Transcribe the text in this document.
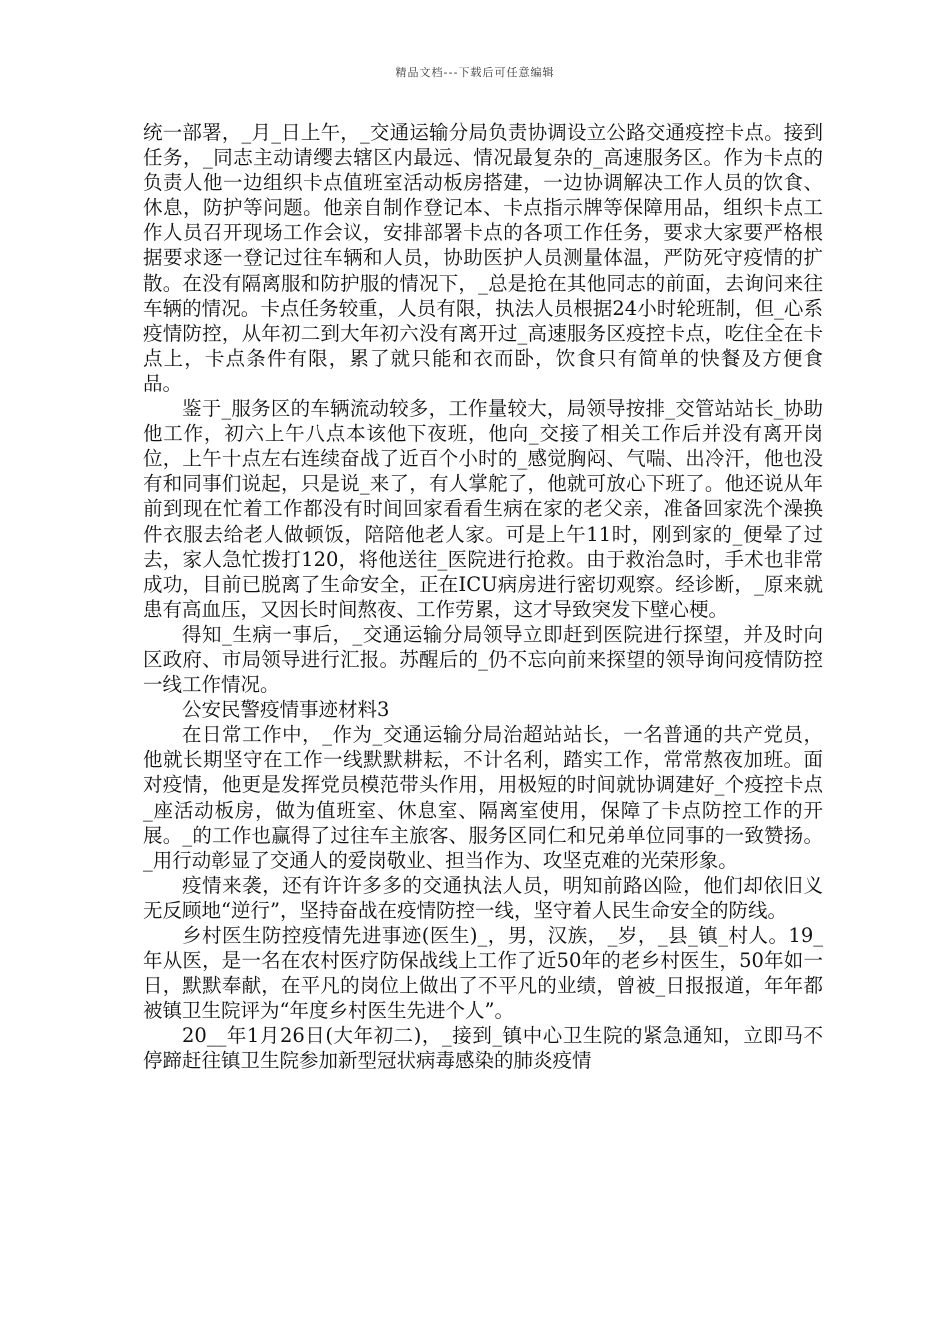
精品文档---下载后可任意编辑

统一部署，_月_日上午，_交通运输分局负责协调设立公路交通疫控卡点。接到任务，_同志主动请缨去辖区内最远、情况最复杂的_高速服务区。作为卡点的负责人他一边组织卡点值班室活动板房搭建，一边协调解决工作人员的饮食、休息，防护等问题。他亲自制作登记本、卡点指示牌等保障用品，组织卡点工作人员召开现场工作会议，安排部署卡点的各项工作任务，要求大家要严格根据要求逐一登记过往车辆和人员，协助医护人员测量体温，严防死守疫情的扩散。在没有隔离服和防护服的情况下，_总是抢在其他同志的前面，去询问来往车辆的情况。卡点任务较重，人员有限，执法人员根据24小时轮班制，但_心系疫情防控，从年初二到大年初六没有离开过_高速服务区疫控卡点，吃住全在卡点上，卡点条件有限，累了就只能和衣而卧，饮食只有简单的快餐及方便食品。

鉴于_服务区的车辆流动较多，工作量较大，局领导按排_交管站站长_协助他工作，初六上午八点本该他下夜班，他向_交接了相关工作后并没有离开岗位，上午十点左右连续奋战了近百个小时的_感觉胸闷、气喘、出冷汗，他也没有和同事们说起，只是说_来了，有人掌舵了，他就可放心下班了。他还说从年前到现在忙着工作都没有时间回家看看生病在家的老父亲，准备回家洗个澡换件衣服去给老人做顿饭，陪陪他老人家。可是上午11时，刚到家的_便晕了过去，家人急忙拨打120，将他送往_医院进行抢救。由于救治急时，手术也非常成功，目前已脱离了生命安全，正在ICU病房进行密切观察。经诊断，_原来就患有高血压，又因长时间熬夜、工作劳累，这才导致突发下壁心梗。

得知_生病一事后，_交通运输分局领导立即赶到医院进行探望，并及时向区政府、市局领导进行汇报。苏醒后的_仍不忘向前来探望的领导询问疫情防控一线工作情况。

公安民警疫情事迹材料3

在日常工作中，_作为_交通运输分局治超站站长，一名普通的共产党员，他就长期坚守在工作一线默默耕耘，不计名利，踏实工作，常常熬夜加班。面对疫情，他更是发挥党员模范带头作用，用极短的时间就协调建好_个疫控卡点_座活动板房，做为值班室、休息室、隔离室使用，保障了卡点防控工作的开展。_的工作也赢得了过往车主旅客、服务区同仁和兄弟单位同事的一致赞扬。_用行动彰显了交通人的爱岗敬业、担当作为、攻坚克难的光荣形象。

疫情来袭，还有许许多多的交通执法人员，明知前路凶险，他们却依旧义无反顾地“逆行”，坚持奋战在疫情防控一线，坚守着人民生命安全的防线。

乡村医生防控疫情先进事迹(医生)_，男，汉族，_岁，_县_镇_村人。19_年从医，是一名在农村医疗防保战线上工作了近50年的老乡村医生，50年如一日，默默奉献，在平凡的岗位上做出了不平凡的业绩，曾被_日报报道，年年都被镇卫生院评为“年度乡村医生先进个人”。

20__年1月26日(大年初二)，_接到_镇中心卫生院的紧急通知，立即马不停蹄赶往镇卫生院参加新型冠状病毒感染的肺炎疫情
